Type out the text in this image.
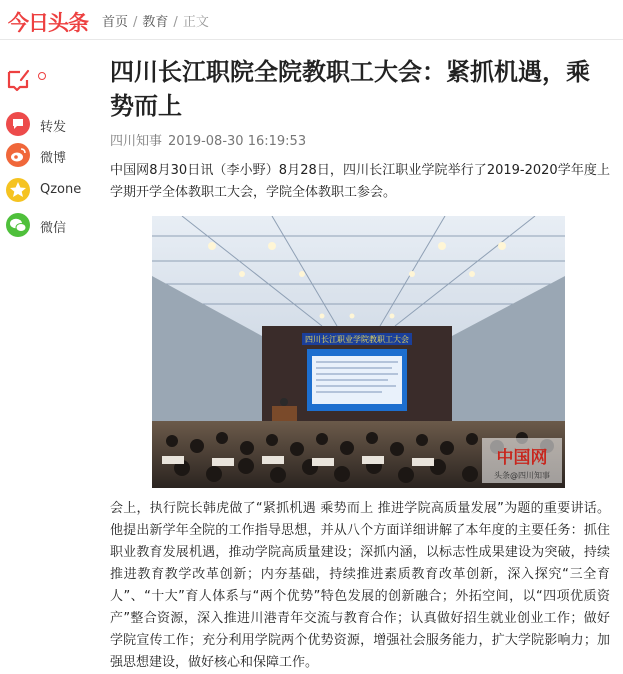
今日头条 首页 / 教育 / 正文
转发
微博
Qzone
微信
四川长江职院全院教职工大会：紧抓机遇，乘势而上
四川知事 2019-08-30 16:19:53
中国网8月30日讯（李小野）8月28日，四川长江职业学院举行了2019-2020学年度上学期开学全体教职工大会，学院全体教职工参会。
四川长江职业学院教职工大会
中国网
头条@四川知事
会上，执行院长韩虎做了“紧抓机遇 乘势而上 推进学院高质量发展”为题的重要讲话。他提出新学年全院的工作指导思想，并从八个方面详细讲解了本年度的主要任务：抓住职业教育发展机遇，推动学院高质量建设；深抓内涵，以标志性成果建设为突破，持续推进教育教学改革创新；内夯基础，持续推进素质教育改革创新，深入探究“三全育人”、“十大”育人体系与“两个优势”特色发展的创新融合；外拓空间，以“四项优质资产”整合资源，深入推进川港青年交流与教育合作；认真做好招生就业创业工作；做好学院宣传工作；充分利用学院两个优势资源，增强社会服务能力，扩大学院影响力；加强思想建设，做好核心和保障工作。
